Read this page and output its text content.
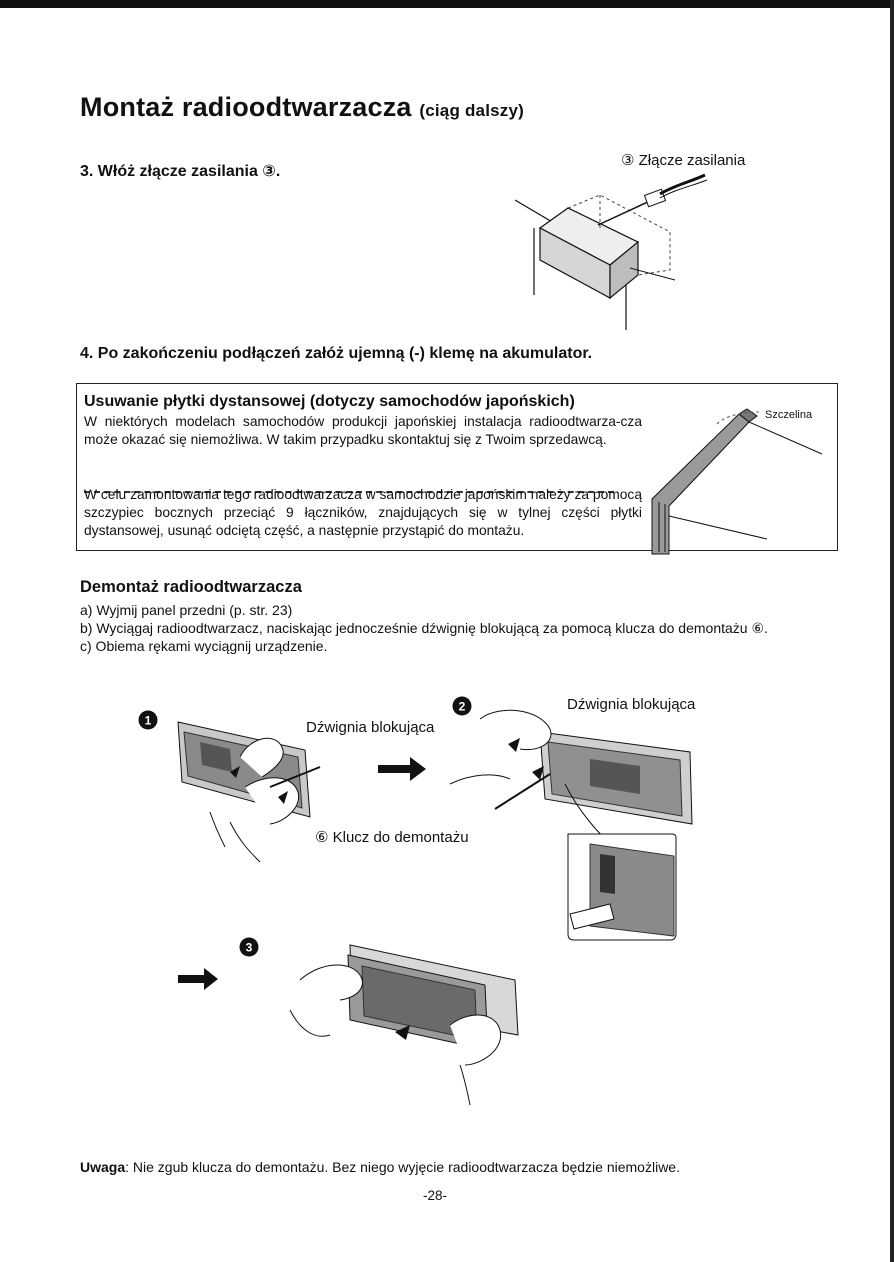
Montaż radioodtwarzacza (ciąg dalszy)
3. Włóż złącze zasilania ③.
③ Złącze zasilania
4. Po zakończeniu podłączeń załóż ujemną (-) klemę na akumulator.
Usuwanie płytki dystansowej (dotyczy samochodów japońskich)

W niektórych modelach samochodów produkcji japońskiej instalacja radioodtwarza-cza może okazać się niemożliwa. W takim przypadku skontaktuj się z Twoim sprzedawcą.

W celu zamontowania tego radioodtwarzacza w samochodzie japońskim należy za pomocą szczypiec bocznych przeciąć 9 łączników, znajdujących się w tylnej części płytki dystansowej, usunąć odciętą część, a następnie przystąpić do montażu.

Szczelina
Demontaż radioodtwarzacza
a) Wyjmij panel przedni (p. str. 23)
b) Wyciągaj radioodtwarzacz, naciskając jednocześnie dźwignię blokującą za pomocą klucza do demontażu ⑥.
c) Obiema rękami wyciągnij urządzenie.
1
2
3
Dźwignia blokująca
Dźwignia blokująca
⑥ Klucz do demontażu
Uwaga: Nie zgub klucza do demontażu. Bez niego wyjęcie radioodtwarzacza będzie niemożliwe.
-28-
